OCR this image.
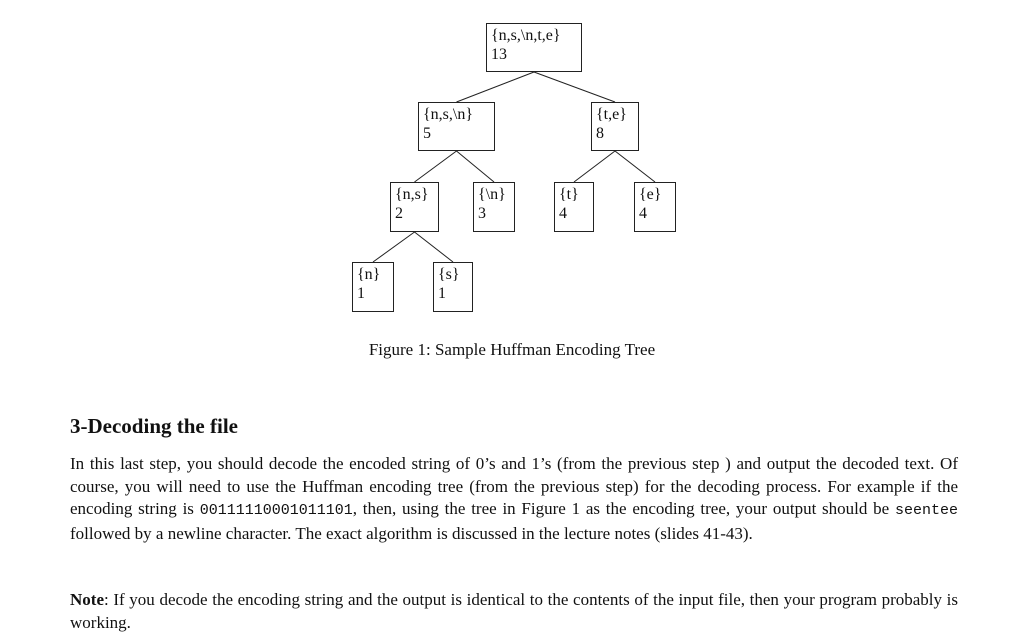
{n,s,\n,t,e}
13
{n,s,\n}
5
{t,e}
8
{n,s}
2
{\n}
3
{t}
4
{e}
4
{n}
1
{s}
1
Figure 1: Sample Huffman Encoding Tree
3-Decoding the file

In this last step, you should decode the encoded string of 0’s and 1’s (from the previous step ) and output the decoded text. Of course, you will need to use the Huffman encoding tree (from the previous step) for the decoding process. For example if the encoding string is 00111110001011101, then, using the tree in Figure 1 as the encoding tree, your output should be seentee followed by a newline character. The exact algorithm is discussed in the lecture notes (slides 41-43).

Note: If you decode the encoding string and the output is identical to the contents of the input file, then your program probably is working.
